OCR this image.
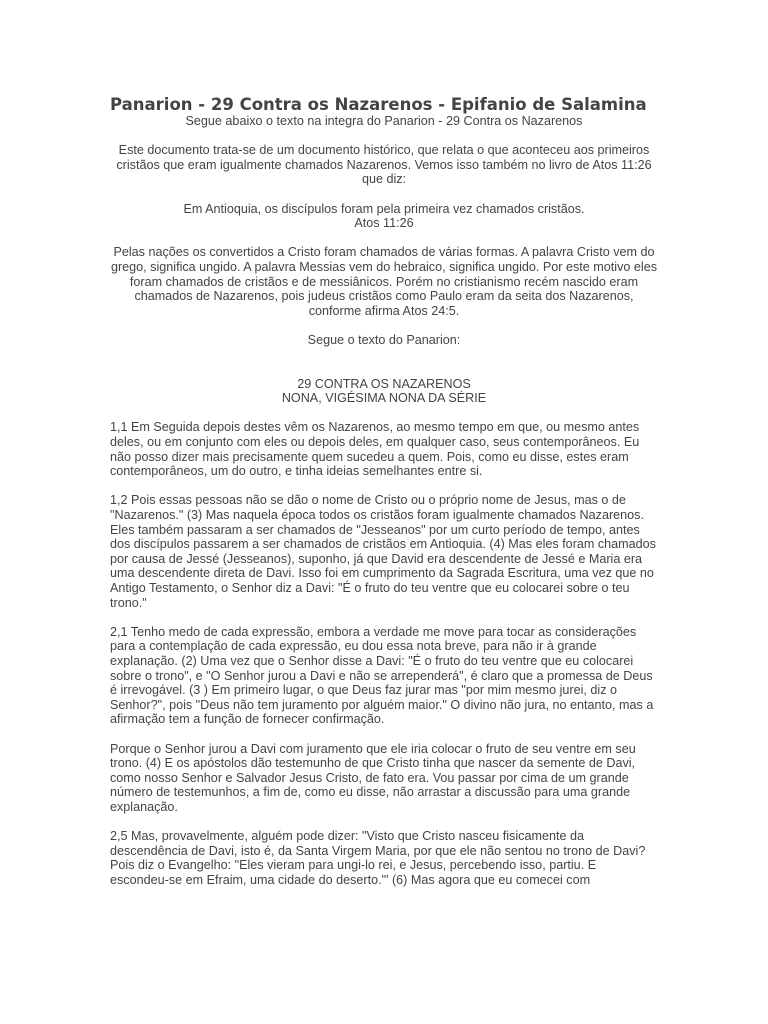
Panarion - 29 Contra os Nazarenos - Epifanio de Salamina

Segue abaixo o texto na integra do Panarion - 29 Contra os Nazarenos

Este documento trata-se de um documento histórico, que relata o que aconteceu aos primeiros cristãos que eram igualmente chamados Nazarenos. Vemos isso também no livro de Atos 11:26 que diz:

Em Antioquia, os discípulos foram pela primeira vez chamados cristãos.

Atos 11:26

Pelas nações os convertidos a Cristo foram chamados de várias formas. A palavra Cristo vem do grego, significa ungido. A palavra Messias vem do hebraico, significa ungido. Por este motivo eles foram chamados de cristãos e de messiânicos. Porém no cristianismo recém nascido eram chamados de Nazarenos, pois judeus cristãos como Paulo eram da seita dos Nazarenos, conforme afirma Atos 24:5.

Segue o texto do Panarion:

29 CONTRA OS NAZARENOS

NONA, VIGÉSIMA NONA DA SÉRIE

1,1 Em Seguida depois destes vêm os Nazarenos, ao mesmo tempo em que, ou mesmo antes deles, ou em conjunto com eles ou depois deles, em qualquer caso, seus contemporâneos. Eu não posso dizer mais precisamente quem sucedeu a quem. Pois, como eu disse, estes eram contemporâneos, um do outro, e tinha ideias semelhantes entre si.

1,2 Pois essas pessoas não se dão o nome de Cristo ou o próprio nome de Jesus, mas o de "Nazarenos." (3) Mas naquela época todos os cristãos foram igualmente chamados Nazarenos. Eles também passaram a ser chamados de "Jesseanos" por um curto período de tempo, antes dos discípulos passarem a ser chamados de cristãos em Antioquia. (4) Mas eles foram chamados por causa de Jessé (Jesseanos), suponho, já que David era descendente de Jessé e Maria era uma descendente direta de Davi. Isso foi em cumprimento da Sagrada Escritura, uma vez que no Antigo Testamento, o Senhor diz a Davi: "É o fruto do teu ventre que eu colocarei sobre o teu trono."

2,1 Tenho medo de cada expressão, embora a verdade me move para tocar as considerações para a contemplação de cada expressão, eu dou essa nota breve, para não ir à grande explanação. (2) Uma vez que o Senhor disse a Davi: "É o fruto do teu ventre que eu colocarei sobre o trono", e "O Senhor jurou a Davi e não se arrependerá", é claro que a promessa de Deus é irrevogável. (3 ) Em primeiro lugar, o que Deus faz jurar mas "por mim mesmo jurei, diz o Senhor?", pois "Deus não tem juramento por alguém maior." O divino não jura, no entanto, mas a afirmação tem a função de fornecer confirmação.

Porque o Senhor jurou a Davi com juramento que ele iria colocar o fruto de seu ventre em seu trono. (4) E os apóstolos dão testemunho de que Cristo tinha que nascer da semente de Davi, como nosso Senhor e Salvador Jesus Cristo, de fato era. Vou passar por cima de um grande número de testemunhos, a fim de, como eu disse, não arrastar a discussão para uma grande explanação.

2,5 Mas, provavelmente, alguém pode dizer: "Visto que Cristo nasceu fisicamente da descendência de Davi, isto é, da Santa Virgem Maria, por que ele não sentou no trono de Davi? Pois diz o Evangelho: "Eles vieram para ungi-lo rei, e Jesus, percebendo isso, partiu. E escondeu-se em Efraim, uma cidade do deserto."' (6) Mas agora que eu comecei com
